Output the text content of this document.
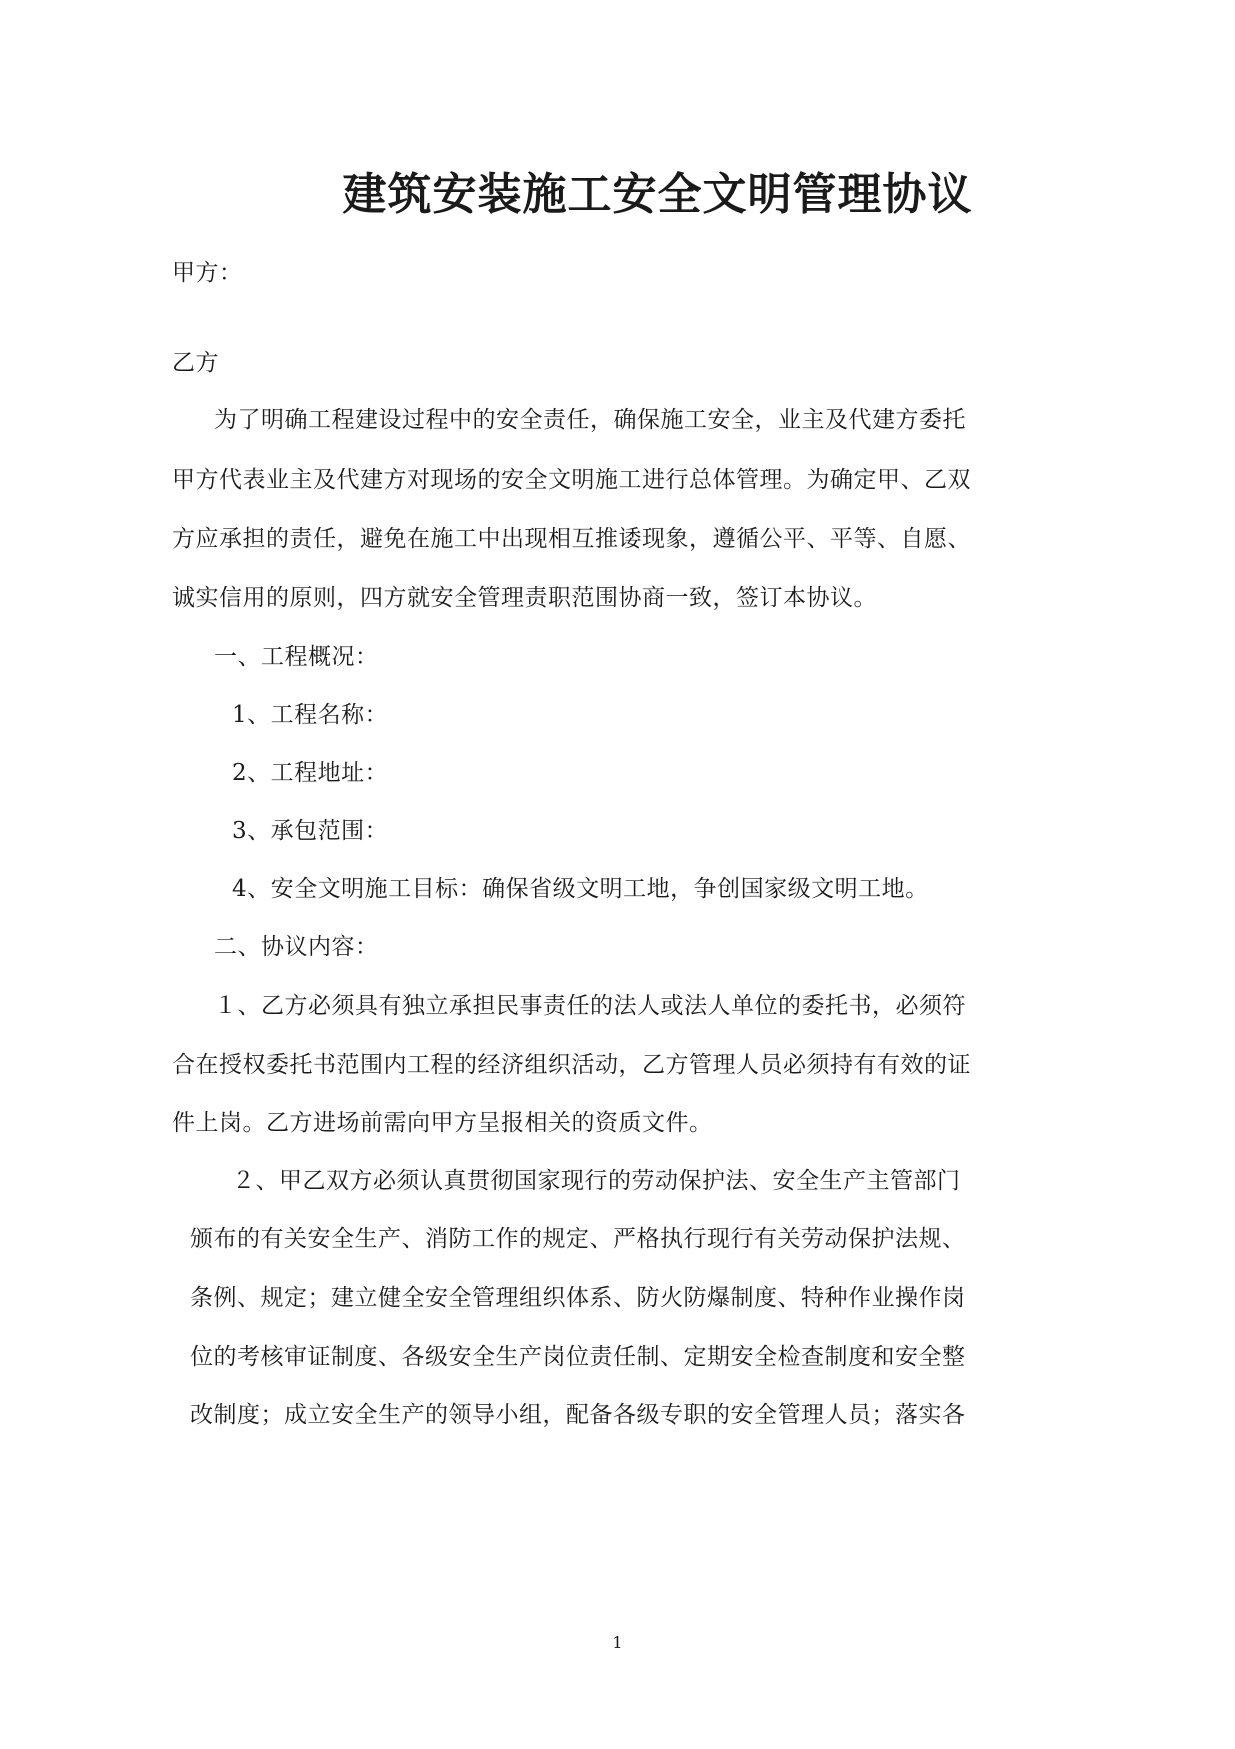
建筑安装施工安全文明管理协议
甲方：
乙方
为了明确工程建设过程中的安全责任，确保施工安全，业主及代建方委托
甲方代表业主及代建方对现场的安全文明施工进行总体管理。为确定甲、乙双
方应承担的责任，避免在施工中出现相互推诿现象，遵循公平、平等、自愿、
诚实信用的原则，四方就安全管理责职范围协商一致，签订本协议。
一、工程概况：
1、工程名称：
2、工程地址：
3、承包范围：
4、安全文明施工目标：确保省级文明工地，争创国家级文明工地。
二、协议内容：
１、乙方必须具有独立承担民事责任的法人或法人单位的委托书，必须符
合在授权委托书范围内工程的经济组织活动，乙方管理人员必须持有有效的证
件上岗。乙方进场前需向甲方呈报相关的资质文件。
２、甲乙双方必须认真贯彻国家现行的劳动保护法、安全生产主管部门
颁布的有关安全生产、消防工作的规定、严格执行现行有关劳动保护法规、
条例、规定；建立健全安全管理组织体系、防火防爆制度、特种作业操作岗
位的考核审证制度、各级安全生产岗位责任制、定期安全检查制度和安全整
改制度；成立安全生产的领导小组，配备各级专职的安全管理人员；落实各
1
